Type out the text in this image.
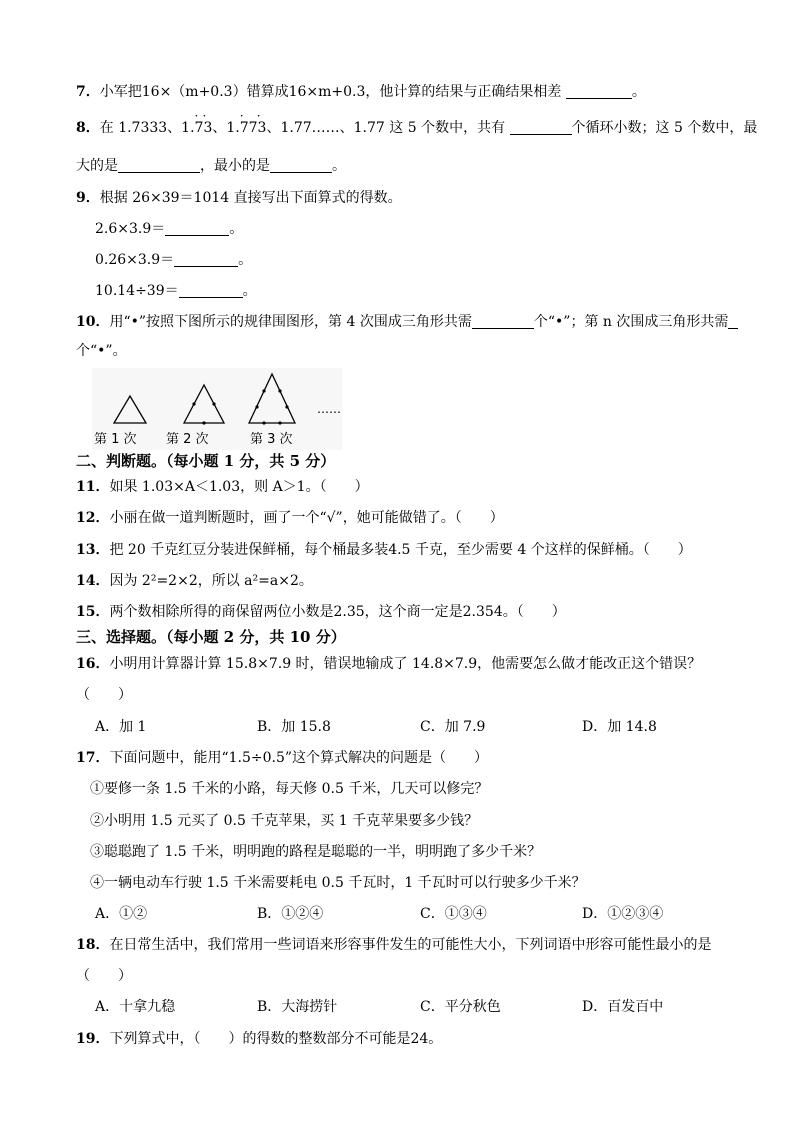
7．小军把16×（m+0.3）错算成16×m+0.3，他计算的结果与正确结果相差	。
8．在 1.7333、1.
· ·
73、1.
· ·
773、1.77……、1.77 这 5 个数中，共有	个循环小数；这 5 个数中，最
大的是	，最小的是	。
9．根据 26×39＝1014 直接写出下面算式的得数。
2.6×3.9＝	。
0.26×3.9＝	。
10.14÷39＝	。
10．用“•”按照下图所示的规律围图形，第 4 次围成三角形共需	个“•”；第 n 次围成三角形共需
个“•”。
……
第 1 次 第 2 次	第 3 次
二、判断题。（每小题 1 分，共 5 分）
11．如果 1.03×A＜1.03，则 A＞1。（　　）
12．小丽在做一道判断题时，画了一个“√”，她可能做错了。（　　）
13．把 20 千克红豆分装进保鲜桶，每个桶最多装4.5 千克，至少需要 4 个这样的保鲜桶。（　　）
14．因为 2²=2×2，所以 a²=a×2。
15．两个数相除所得的商保留两位小数是2.35，这个商一定是2.354。（　　）
三、选择题。（每小题 2 分，共 10 分）
16．小明用计算器计算 15.8×7.9 时，错误地输成了 14.8×7.9，他需要怎么做才能改正这个错误？
（　　）
A．加 1	B．加 15.8	C．加 7.9	D．加 14.8
17．下面问题中，能用“1.5÷0.5”这个算式解决的问题是（　　）
①要修一条 1.5 千米的小路，每天修 0.5 千米，几天可以修完？
②小明用 1.5 元买了 0.5 千克苹果，买 1 千克苹果要多少钱？
③聪聪跑了 1.5 千米，明明跑的路程是聪聪的一半，明明跑了多少千米？
④一辆电动车行驶 1.5 千米需要耗电 0.5 千瓦时，1 千瓦时可以行驶多少千米？
A．①②	B．①②④	C．①③④	D．①②③④
18．在日常生活中，我们常用一些词语来形容事件发生的可能性大小，下列词语中形容可能性最小的是
（　　）
A．十拿九稳	B．大海捞针	C．平分秋色	D．百发百中
19．下列算式中，（　　）的得数的整数部分不可能是24。
